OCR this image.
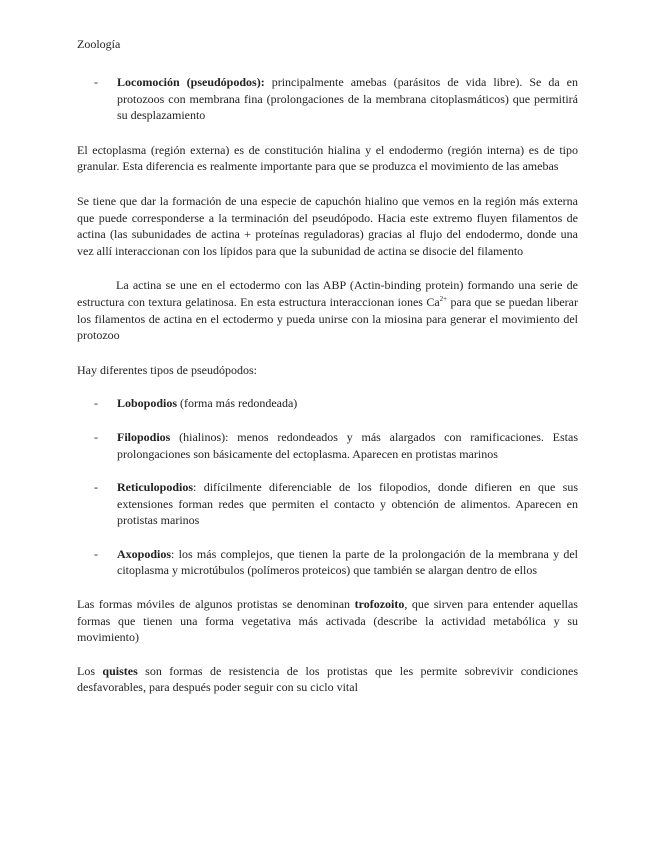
Zoología
-	Locomoción (pseudópodos): principalmente amebas (parásitos de vida libre). Se da en protozoos con membrana fina (prolongaciones de la membrana citoplasmáticos) que permitirá su desplazamiento

El ectoplasma (región externa) es de constitución hialina y el endodermo (región interna) es de tipo granular. Esta diferencia es realmente importante para que se produzca el movimiento de las amebas

Se tiene que dar la formación de una especie de capuchón hialino que vemos en la región más externa que puede corresponderse a la terminación del pseudópodo. Hacia este extremo fluyen filamentos de actina (las subunidades de actina + proteínas reguladoras) gracias al flujo del endodermo, donde una vez allí interaccionan con los lípidos para que la subunidad de actina se disocie del filamento

La actina se une en el ectodermo con las ABP (Actin-binding protein) formando una serie de estructura con textura gelatinosa. En esta estructura interaccionan iones $Ca^{2+}$ para que se puedan liberar los filamentos de actina en el ectodermo y pueda unirse con la miosina para generar el movimiento del protozoo

Hay diferentes tipos de pseudópodos:

-	Lobopodios (forma más redondeada)
-	Filopodios (hialinos): menos redondeados y más alargados con ramificaciones. Estas prolongaciones son básicamente del ectoplasma. Aparecen en protistas marinos
-	Reticulopodios: difícilmente diferenciable de los filopodios, donde difieren en que sus extensiones forman redes que permiten el contacto y obtención de alimentos. Aparecen en protistas marinos
-	Axopodios: los más complejos, que tienen la parte de la prolongación de la membrana y del citoplasma y microtúbulos (polímeros proteicos) que también se alargan dentro de ellos

Las formas móviles de algunos protistas se denominan trofozoito, que sirven para entender aquellas formas que tienen una forma vegetativa más activada (describe la actividad metabólica y su movimiento)

Los quistes son formas de resistencia de los protistas que les permite sobrevivir condiciones desfavorables, para después poder seguir con su ciclo vital
